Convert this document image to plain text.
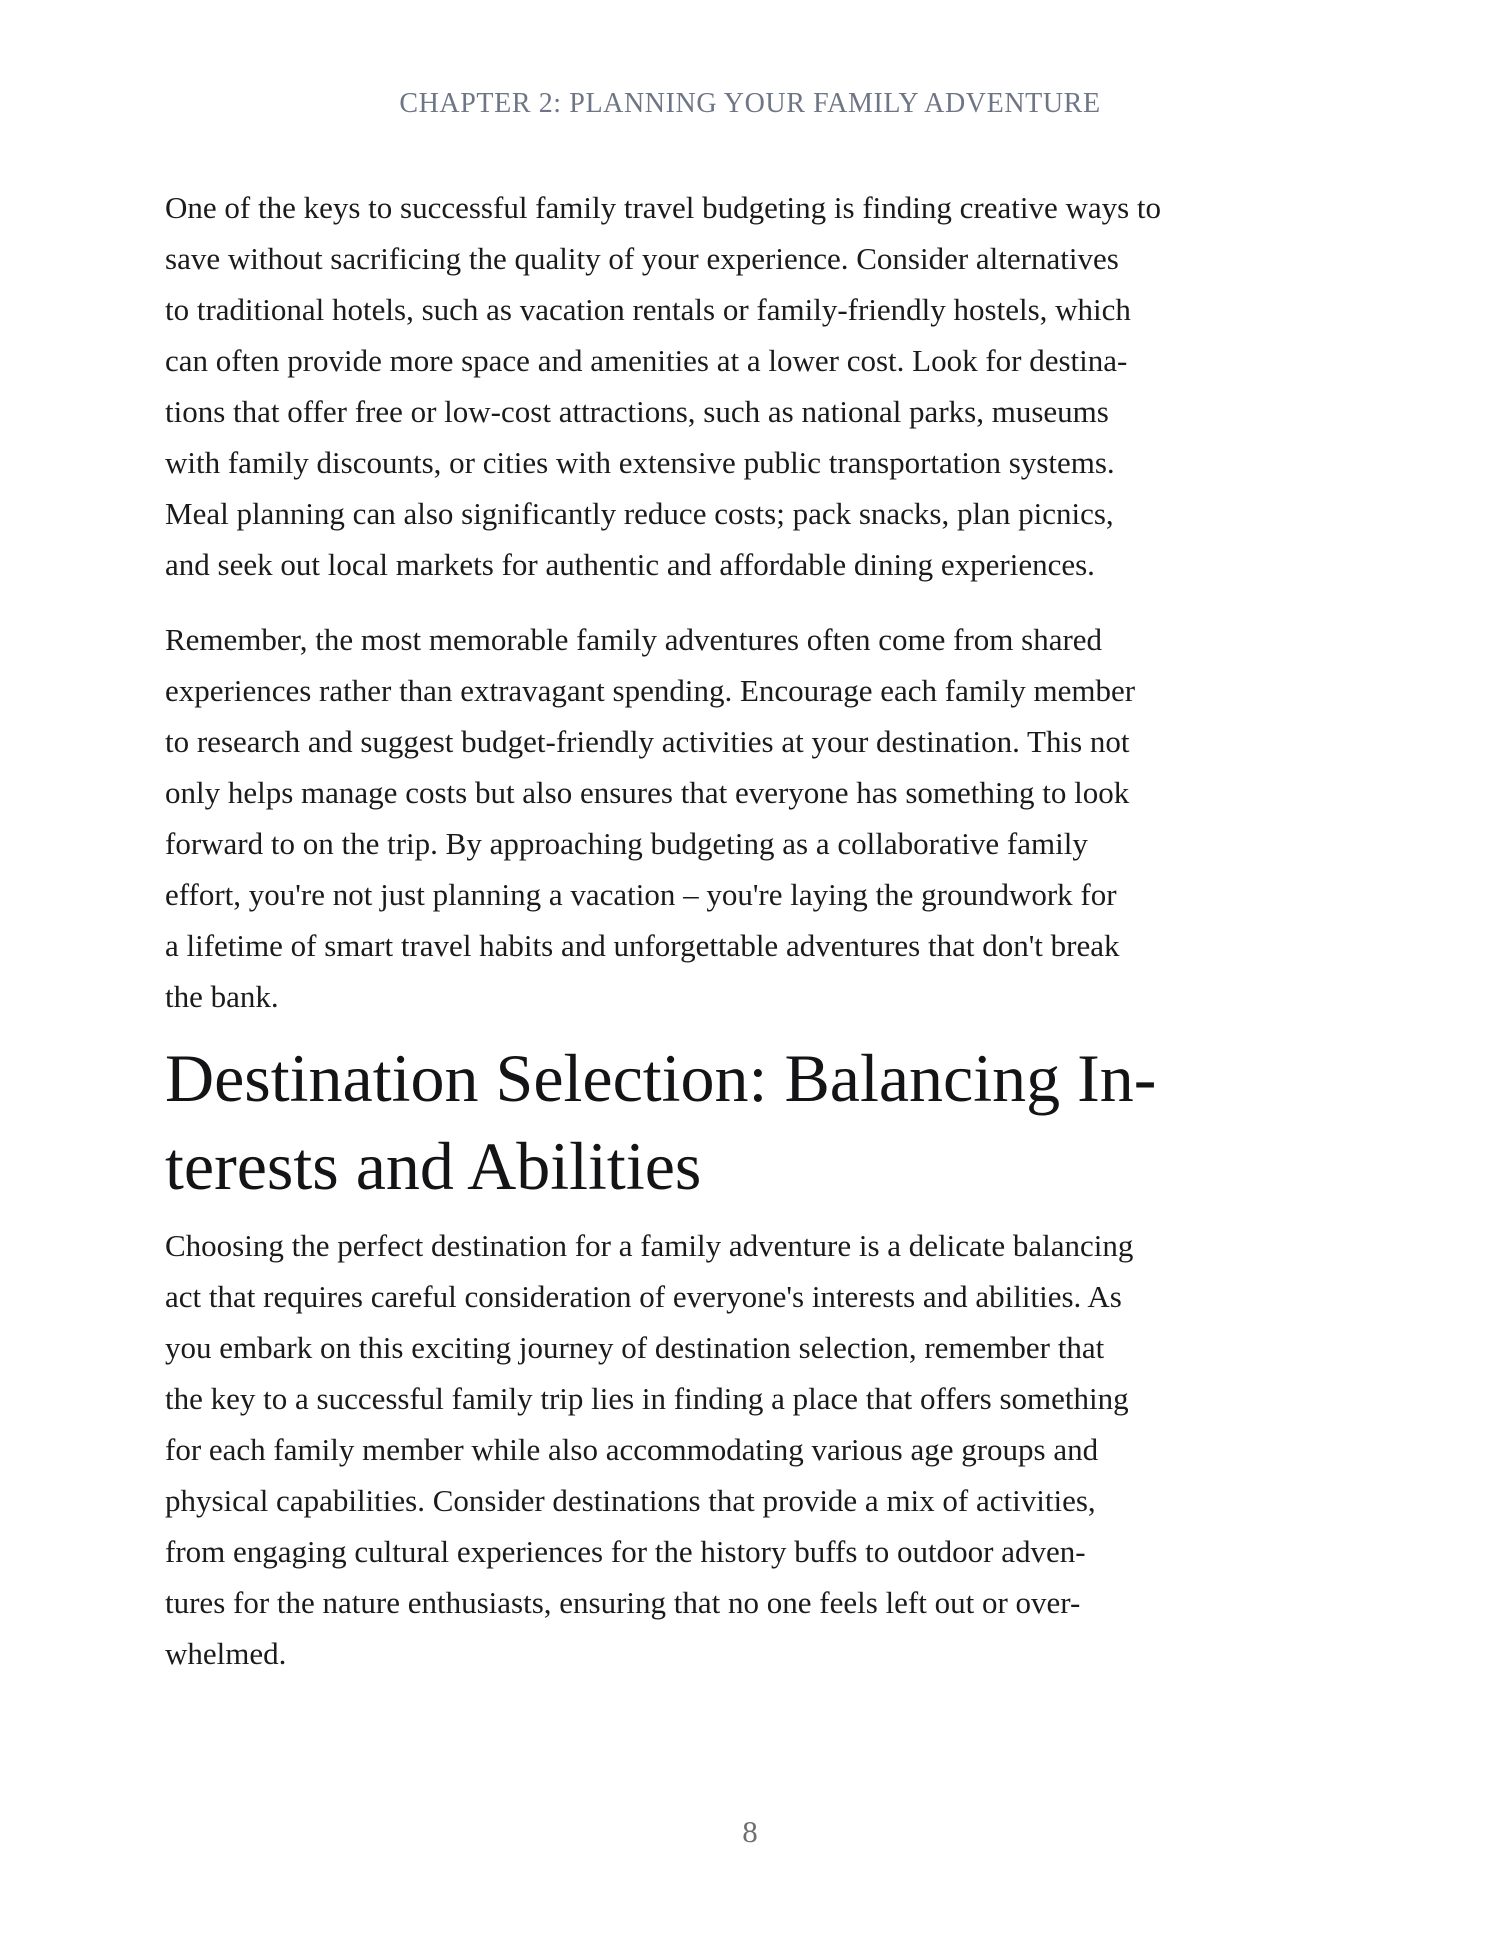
CHAPTER 2: PLANNING YOUR FAMILY ADVENTURE
One of the keys to successful family travel budgeting is finding creative ways to
save without sacrificing the quality of your experience. Consider alternatives
to traditional hotels, such as vacation rentals or family-friendly hostels, which
can often provide more space and amenities at a lower cost. Look for destina-
tions that offer free or low-cost attractions, such as national parks, museums
with family discounts, or cities with extensive public transportation systems.
Meal planning can also significantly reduce costs; pack snacks, plan picnics,
and seek out local markets for authentic and affordable dining experiences.
Remember, the most memorable family adventures often come from shared
experiences rather than extravagant spending. Encourage each family member
to research and suggest budget-friendly activities at your destination. This not
only helps manage costs but also ensures that everyone has something to look
forward to on the trip. By approaching budgeting as a collaborative family
effort, you're not just planning a vacation – you're laying the groundwork for
a lifetime of smart travel habits and unforgettable adventures that don't break
the bank.
Destination Selection: Balancing In-
terests and Abilities
Choosing the perfect destination for a family adventure is a delicate balancing
act that requires careful consideration of everyone's interests and abilities. As
you embark on this exciting journey of destination selection, remember that
the key to a successful family trip lies in finding a place that offers something
for each family member while also accommodating various age groups and
physical capabilities. Consider destinations that provide a mix of activities,
from engaging cultural experiences for the history buffs to outdoor adven-
tures for the nature enthusiasts, ensuring that no one feels left out or over-
whelmed.
8
